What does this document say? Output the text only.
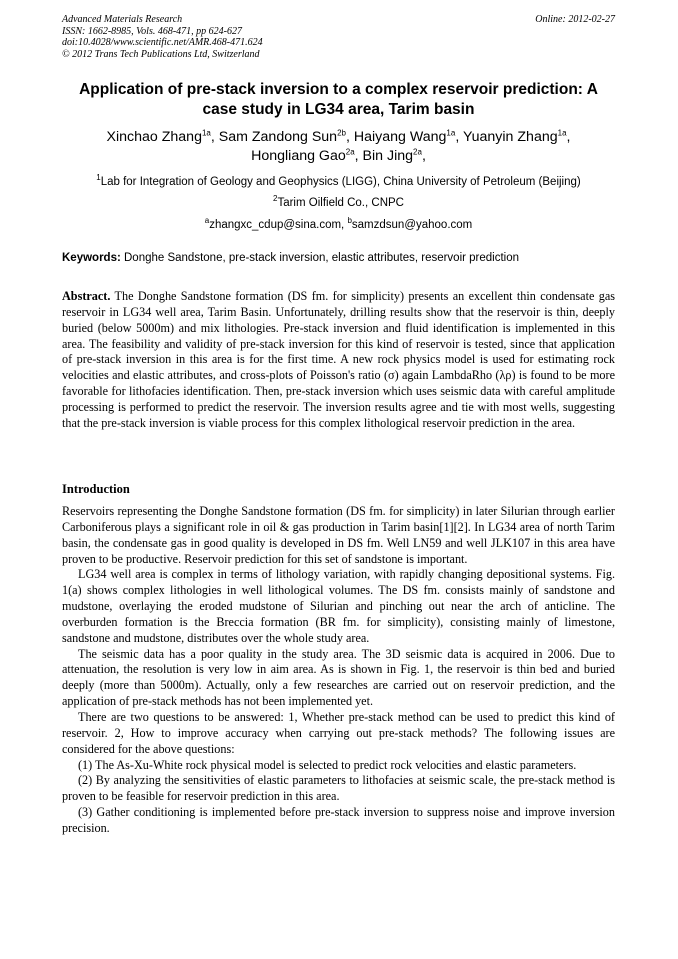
Advanced Materials Research
ISSN: 1662-8985, Vols. 468-471, pp 624-627
doi:10.4028/www.scientific.net/AMR.468-471.624
© 2012 Trans Tech Publications Ltd, Switzerland
Online: 2012-02-27
Application of pre-stack inversion to a complex reservoir prediction: A case study in LG34 area, Tarim basin
Xinchao Zhang$^{1a}$, Sam Zandong Sun$^{2b}$, Haiyang Wang$^{1a}$, Yuanyin Zhang$^{1a}$,
Hongliang Gao$^{2a}$, Bin Jing$^{2a}$,
$^1$Lab for Integration of Geology and Geophysics (LIGG), China University of Petroleum (Beijing)
$^2$Tarim Oilfield Co., CNPC
$^a$zhangxc_cdup@sina.com, $^b$samzdsun@yahoo.com
Keywords: Donghe Sandstone, pre-stack inversion, elastic attributes, reservoir prediction
Abstract. The Donghe Sandstone formation (DS fm. for simplicity) presents an excellent thin condensate gas reservoir in LG34 well area, Tarim Basin. Unfortunately, drilling results show that the reservoir is thin, deeply buried (below 5000m) and mix lithologies. Pre-stack inversion and fluid identification is implemented in this area. The feasibility and validity of pre-stack inversion for this kind of reservoir is tested, since that application of pre-stack inversion in this area is for the first time. A new rock physics model is used for estimating rock velocities and elastic attributes, and cross-plots of Poisson's ratio (σ) again LambdaRho (λρ) is found to be more favorable for lithofacies identification. Then, pre-stack inversion which uses seismic data with careful amplitude processing is performed to predict the reservoir. The inversion results agree and tie with most wells, suggesting that the pre-stack inversion is viable process for this complex lithological reservoir prediction in the area.
Introduction

Reservoirs representing the Donghe Sandstone formation (DS fm. for simplicity) in later Silurian through earlier Carboniferous plays a significant role in oil & gas production in Tarim basin[1][2]. In LG34 area of north Tarim basin, the condensate gas in good quality is developed in DS fm. Well LN59 and well JLK107 in this area have proven to be productive. Reservoir prediction for this set of sandstone is important.

LG34 well area is complex in terms of lithology variation, with rapidly changing depositional systems. Fig. 1(a) shows complex lithologies in well lithological volumes. The DS fm. consists mainly of sandstone and mudstone, overlaying the eroded mudstone of Silurian and pinching out near the arch of anticline. The overburden formation is the Breccia formation (BR fm. for simplicity), consisting mainly of limestone, sandstone and mudstone, distributes over the whole study area.

The seismic data has a poor quality in the study area. The 3D seismic data is acquired in 2006. Due to attenuation, the resolution is very low in aim area. As is shown in Fig. 1, the reservoir is thin bed and buried deeply (more than 5000m). Actually, only a few researches are carried out on reservoir prediction, and the application of pre-stack methods has not been implemented yet.

There are two questions to be answered: 1, Whether pre-stack method can be used to predict this kind of reservoir. 2, How to improve accuracy when carrying out pre-stack methods? The following issues are considered for the above questions:

(1) The As-Xu-White rock physical model is selected to predict rock velocities and elastic parameters.

(2) By analyzing the sensitivities of elastic parameters to lithofacies at seismic scale, the pre-stack method is proven to be feasible for reservoir prediction in this area.

(3) Gather conditioning is implemented before pre-stack inversion to suppress noise and improve inversion precision.
